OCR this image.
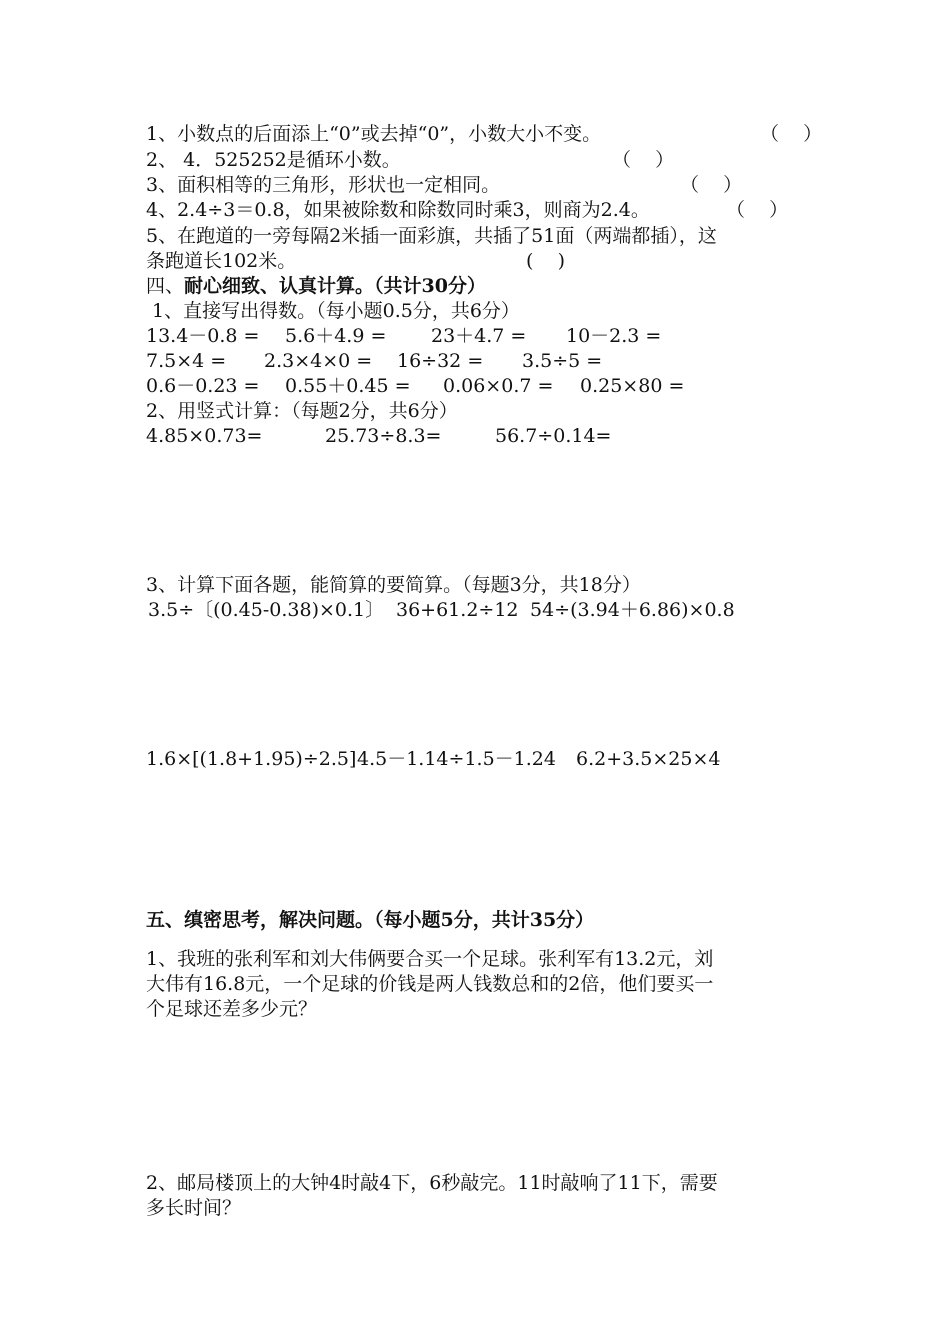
1、小数点的后面添上“0”或去掉“0”，小数大小不变。	（    ）
2、 4．525252是循环小数。	（    ）
3、面积相等的三角形，形状也一定相同。	（    ）
4、2.4÷3＝0.8，如果被除数和除数同时乘3，则商为2.4。	（    ）
5、在跑道的一旁每隔2米插一面彩旗，共插了51面（两端都插），这
条跑道长102米。	(    )
四、耐心细致、认真计算。（共计30分）
1、直接写出得数。（每小题0.5分，共6分）
13.4－0.8 = 5.6＋4.9 = 23＋4.7 = 10－2.3 =
7.5×4 = 2.3×4×0 = 16÷32 = 3.5÷5 =
0.6－0.23 = 0.55＋0.45 = 0.06×0.7 = 0.25×80 =
2、用竖式计算：（每题2分，共6分）
4.85×0.73=	25.73÷8.3=	56.7÷0.14=
3、计算下面各题，能简算的要简算。（每题3分，共18分）
3.5÷〔(0.45-0.38)×0.1〕 36+61.2÷12 54÷(3.94＋6.86)×0.8
1.6×[(1.8+1.95)÷2.5] 4.5－1.14÷1.5－1.24 6.2+3.5×25×4
五、缜密思考，解决问题。（每小题5分，共计35分）
1、我班的张利军和刘大伟俩要合买一个足球。张利军有13.2元，刘
大伟有16.8元，一个足球的价钱是两人钱数总和的2倍，他们要买一
个足球还差多少元？
2、邮局楼顶上的大钟4时敲4下，6秒敲完。11时敲响了11下，需要
多长时间？
